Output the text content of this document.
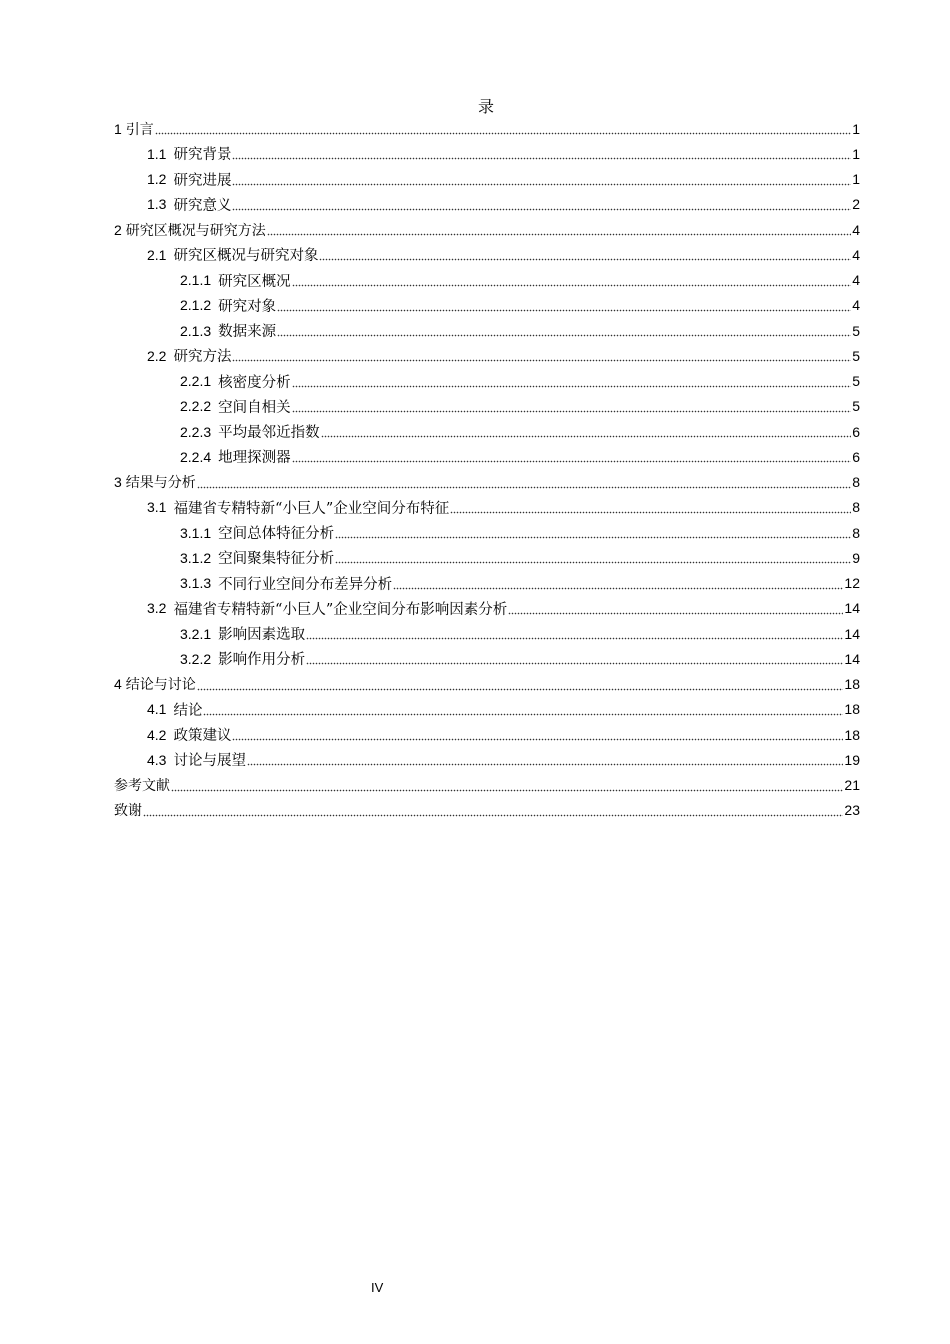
录
1 引言	1
1.1 研究背景	1
1.2 研究进展	1
1.3 研究意义	2
2 研究区概况与研究方法	4
2.1 研究区概况与研究对象	4
2.1.1 研究区概况	4
2.1.2 研究对象	4
2.1.3 数据来源	5
2.2 研究方法	5
2.2.1 核密度分析	5
2.2.2 空间自相关	5
2.2.3 平均最邻近指数	6
2.2.4 地理探测器	6
3 结果与分析	8
3.1 福建省专精特新“小巨人”企业空间分布特征	8
3.1.1 空间总体特征分析	8
3.1.2 空间聚集特征分析	9
3.1.3 不同行业空间分布差异分析	12
3.2 福建省专精特新“小巨人”企业空间分布影响因素分析	14
3.2.1 影响因素选取	14
3.2.2 影响作用分析	14
4 结论与讨论	18
4.1 结论	18
4.2 政策建议	18
4.3 讨论与展望	19
参考文献	21
致谢	23
IV
